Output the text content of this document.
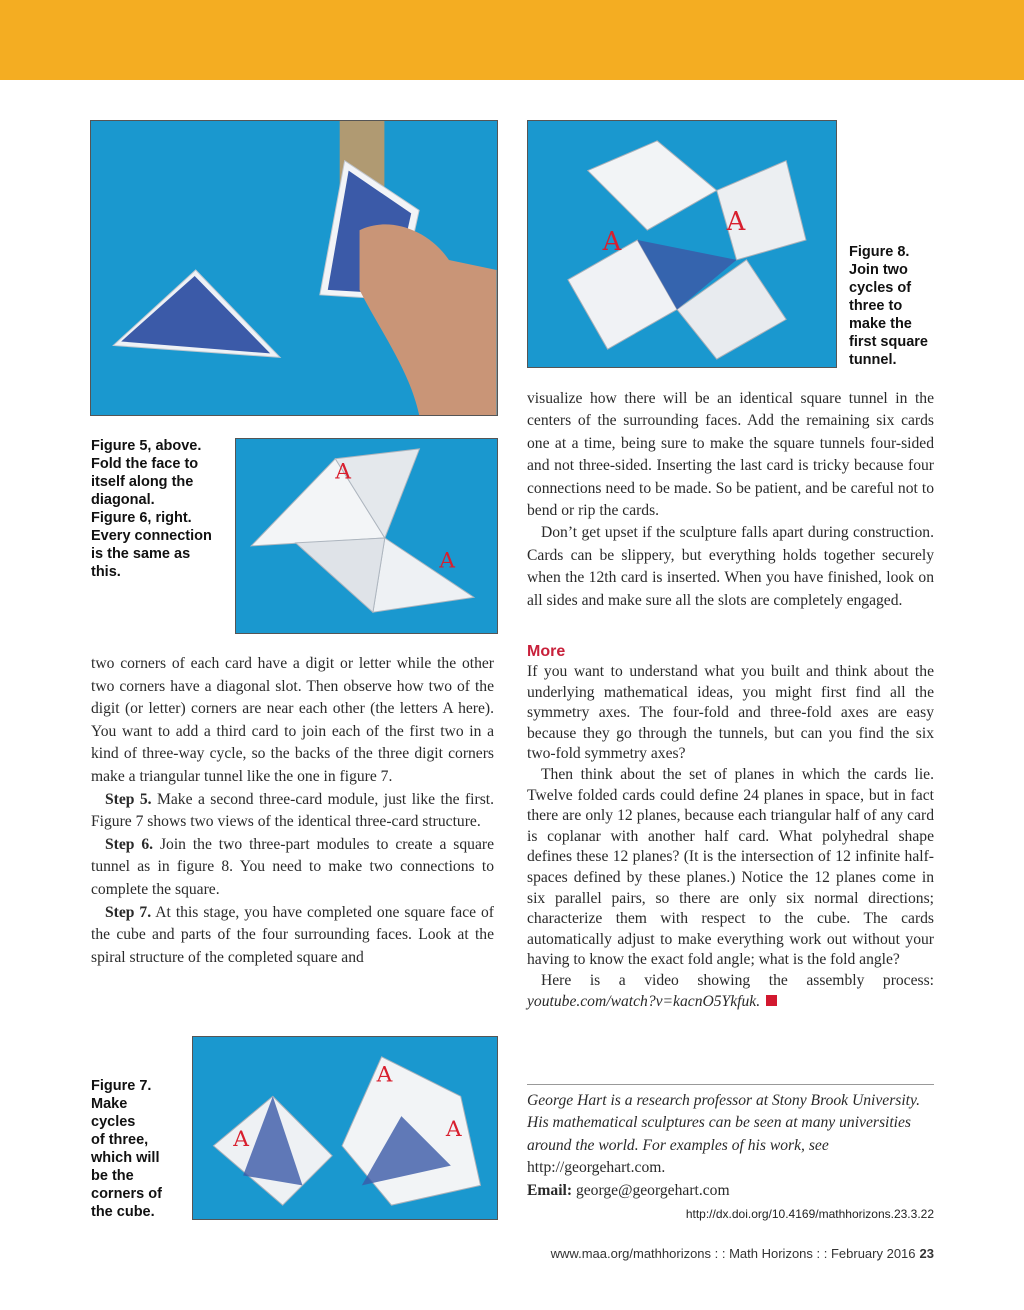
A
A
A
A
A
A
A
Figure 5, above.
Fold the face to
itself along the
diagonal.
Figure 6, right.
Every connection
is the same as
this.
Figure 8.
Join two
cycles of
three to
make the
first square
tunnel.
Figure 7.
Make
cycles
of three,
which will
be the
corners of
the cube.

two corners of each card have a digit or letter while the other two corners have a diagonal slot. Then observe how two of the digit (or letter) corners are near each other (the letters A here). You want to add a third card to join each of the first two in a kind of three-way cycle, so the backs of the three digit corners make a triangular tunnel like the one in figure 7.

Step 5. Make a second three-card module, just like the first. Figure 7 shows two views of the identical three-card structure.

Step 6. Join the two three-part modules to create a square tunnel as in figure 8. You need to make two connections to complete the square.

Step 7. At this stage, you have completed one square face of the cube and parts of the four surrounding faces. Look at the spiral structure of the completed square and

visualize how there will be an identical square tunnel in the centers of the surrounding faces. Add the remaining six cards one at a time, being sure to make the square tunnels four-sided and not three-sided. Inserting the last card is tricky because four connections need to be made. So be patient, and be careful not to bend or rip the cards.

Don’t get upset if the sculpture falls apart during construction. Cards can be slippery, but everything holds together securely when the 12th card is inserted. When you have finished, look on all sides and make sure all the slots are completely engaged.

More

If you want to understand what you built and think about the underlying mathematical ideas, you might first find all the symmetry axes. The four-fold and three-fold axes are easy because they go through the tunnels, but can you find the six two-fold symmetry axes?

Then think about the set of planes in which the cards lie. Twelve folded cards could define 24 planes in space, but in fact there are only 12 planes, because each triangular half of any card is coplanar with another half card. What polyhedral shape defines these 12 planes? (It is the intersection of 12 infinite half-spaces defined by these planes.) Notice the 12 planes come in six parallel pairs, so there are only six normal directions; characterize them with respect to the cube. The cards automatically adjust to make everything work out without your having to know the exact fold angle; what is the fold angle?

Here is a video showing the assembly process: youtube.com/watch?v=kacnO5Ykfuk.

George Hart is a research professor at Stony Brook University. His mathematical sculptures can be seen at many universities around the world. For examples of his work, see http://georgehart.com.

Email: george@georgehart.com

http://dx.doi.org/10.4169/mathhorizons.23.3.22
www.maa.org/mathhorizons : : Math Horizons : : February 2016 23
